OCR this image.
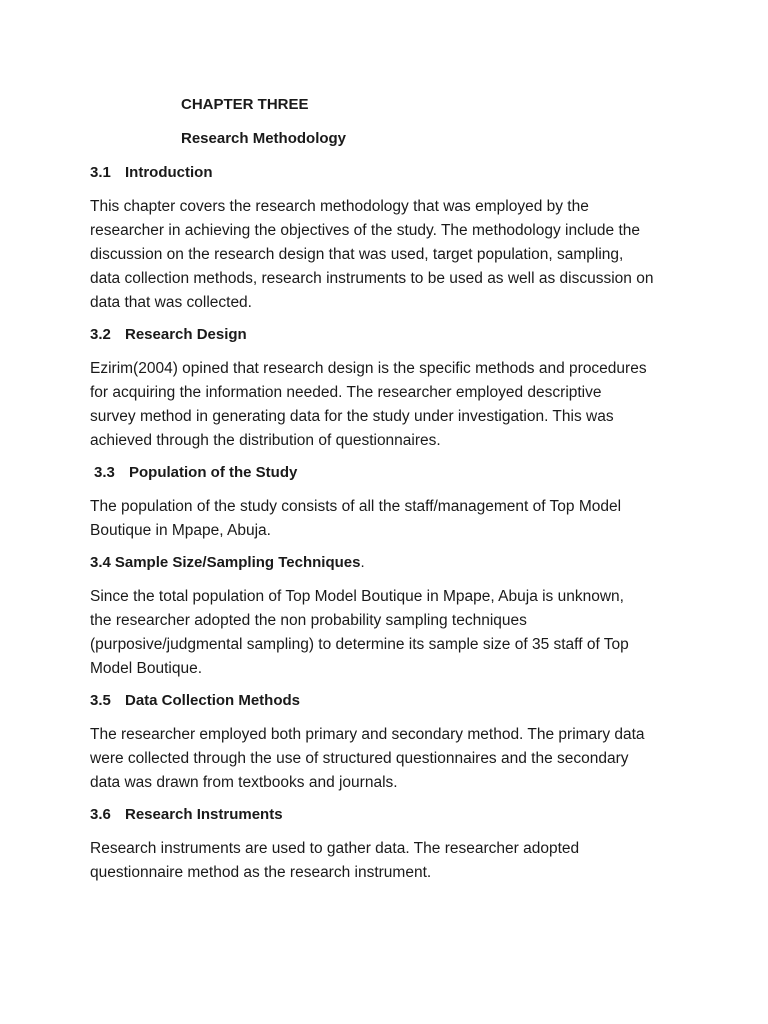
CHAPTER THREE

Research Methodology

3.1 Introduction

This chapter covers the research methodology that was employed by the
researcher in achieving the objectives of the study. The methodology include the
discussion on the research design that was used, target population, sampling,
data collection methods, research instruments to be used as well as discussion on
data that was collected.

3.2 Research Design

Ezirim(2004) opined that research design is the specific methods and procedures
for acquiring the information needed. The researcher employed descriptive
survey method in generating data for the study under investigation. This was
achieved through the distribution of questionnaires.

3.3 Population of the Study

The population of the study consists of all the staff/management of Top Model
Boutique in Mpape, Abuja.

3.4 Sample Size/Sampling Techniques.

Since the total population of Top Model Boutique in Mpape, Abuja is unknown,
the researcher adopted the non probability sampling techniques
(purposive/judgmental sampling) to determine its sample size of 35 staff of Top
Model Boutique.

3.5 Data Collection Methods

The researcher employed both primary and secondary method. The primary data
were collected through the use of structured questionnaires and the secondary
data was drawn from textbooks and journals.

3.6 Research Instruments

Research instruments are used to gather data. The researcher adopted
questionnaire method as the research instrument.
